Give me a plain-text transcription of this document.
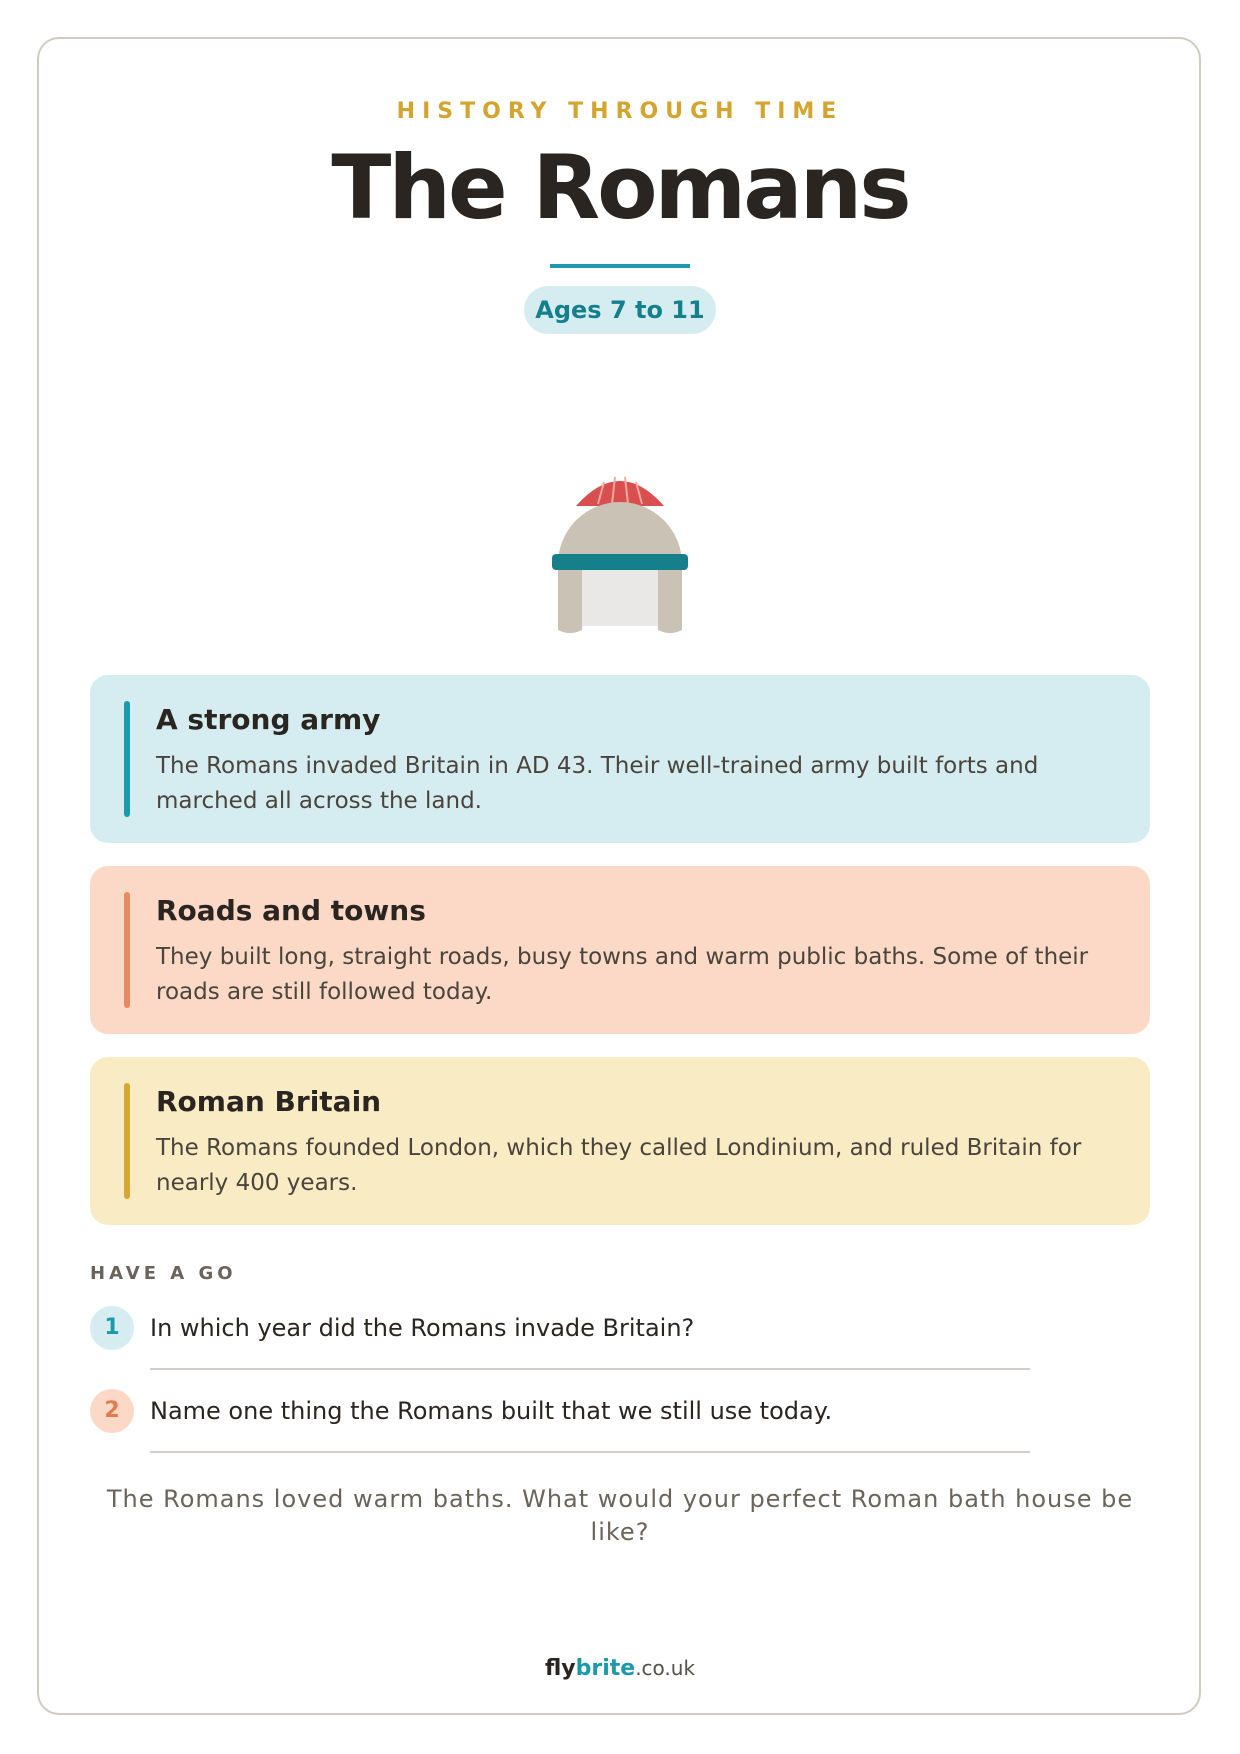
HISTORY THROUGH TIME
The Romans
Ages 7 to 11
A strong army

The Romans invaded Britain in AD 43. Their well-trained army built forts and marched all across the land.

Roads and towns

They built long, straight roads, busy towns and warm public baths. Some of their roads are still followed today.

Roman Britain

The Romans founded London, which they called Londinium, and ruled Britain for nearly 400 years.

HAVE A GO
1	In which year did the Romans invade Britain?
2	Name one thing the Romans built that we still use today.
The Romans loved warm baths. What would your perfect Roman bath house be like?
flybrite.co.uk
